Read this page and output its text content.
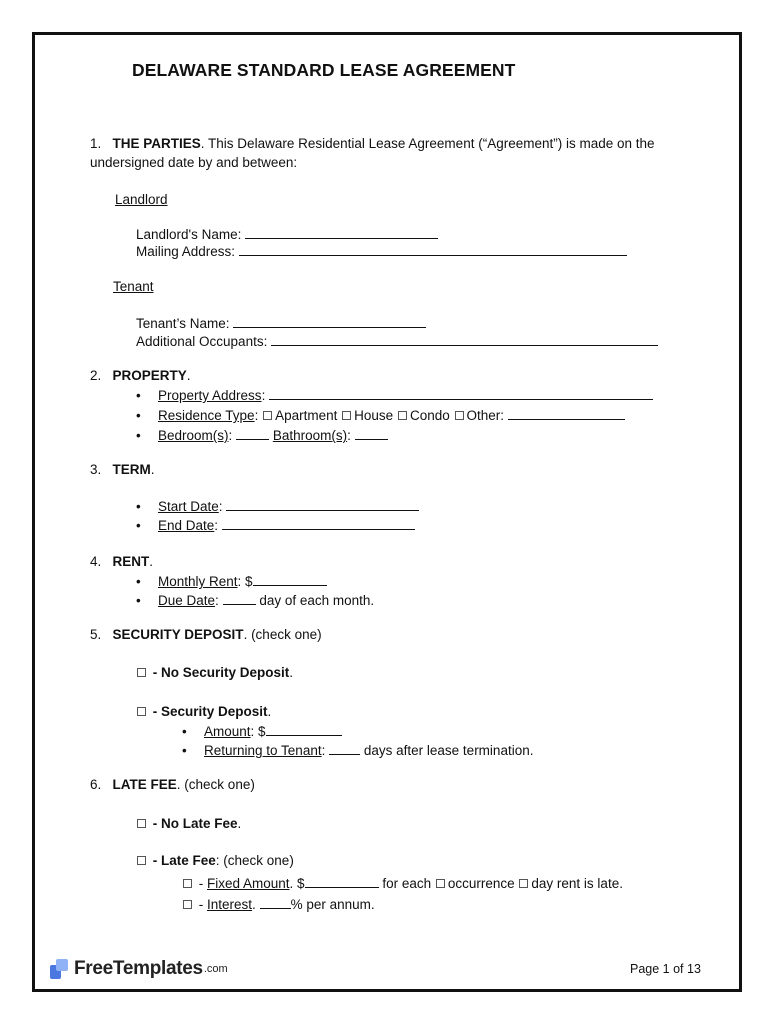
DELAWARE STANDARD LEASE AGREEMENT
1. THE PARTIES. This Delaware Residential Lease Agreement (“Agreement”) is made on the
undersigned date by and between:
Landlord
Landlord's Name:
Mailing Address:
Tenant
Tenant’s Name:
Additional Occupants:
2. PROPERTY.
• Property Address:
• Residence Type: Apartment House Condo Other:
• Bedroom(s):	Bathroom(s):
3. TERM.
• Start Date:
• End Date:
4. RENT.
• Monthly Rent: $
• Due Date:	day of each month.
5. SECURITY DEPOSIT. (check one)
- No Security Deposit.
- Security Deposit.
• Amount: $
• Returning to Tenant:	days after lease termination.
6. LATE FEE. (check one)
- No Late Fee.
- Late Fee: (check one)
- Fixed Amount. $	for each occurrence day rent is late.
- Interest.	% per annum.
FreeTemplates .com	Page 1 of 13
